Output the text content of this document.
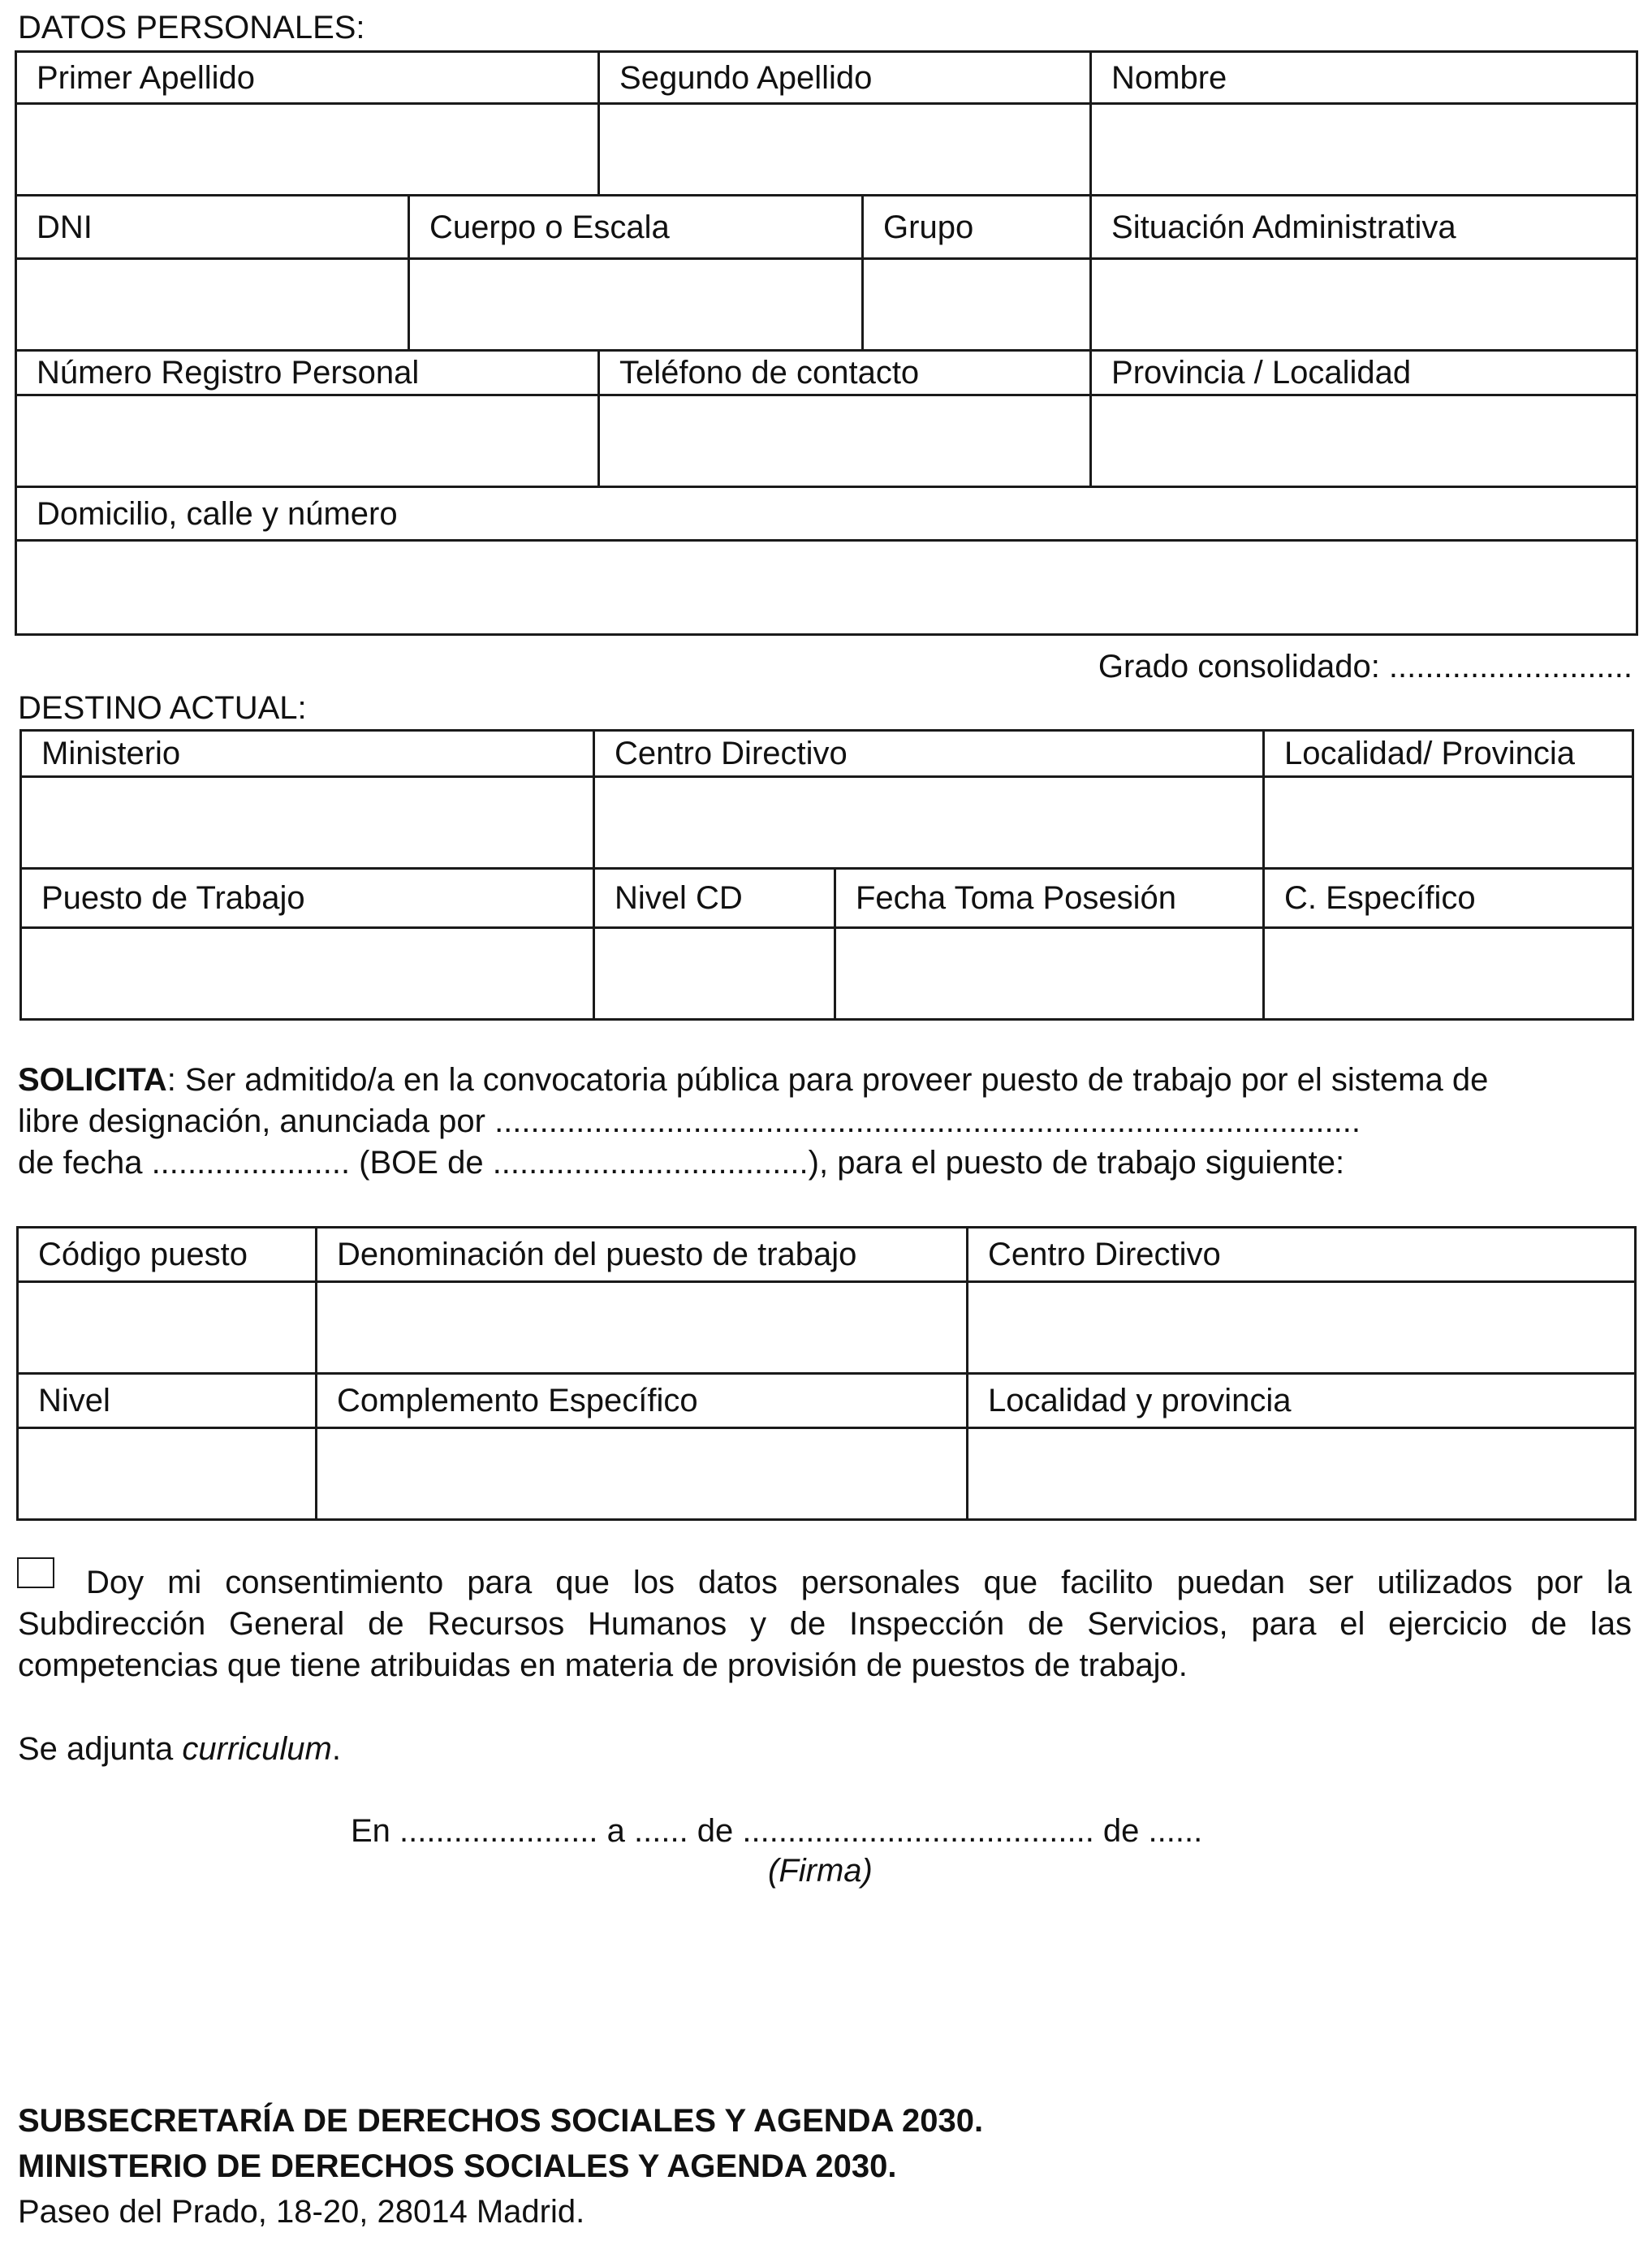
DATOS PERSONALES:
Primer Apellido		Segundo Apellido		Nombre

DNI	Cuerpo o Escala		Grupo	Situación Administrativa

Número Registro Personal		Teléfono de contacto		Provincia / Localidad

Domicilio, calle y número				

Grado consolidado: ...........................
DESTINO ACTUAL:
Ministerio	Centro Directivo		Localidad/ Provincia

Puesto de Trabajo	Nivel CD	Fecha Toma Posesión	C. Específico

SOLICITA: Ser admitido/a en la convocatoria pública para proveer puesto de trabajo por el sistema de
libre designación, anunciada por ................................................................................................
de fecha ...................... (BOE de ...................................), para el puesto de trabajo siguiente:
Código puesto	Denominación del puesto de trabajo	Centro Directivo

Nivel	Complemento Específico	Localidad y provincia

Doy mi consentimiento para que los datos personales que facilito puedan ser utilizados por la
Subdirección General de Recursos Humanos y de Inspección de Servicios, para el ejercicio de las
competencias que tiene atribuidas en materia de provisión de puestos de trabajo.
Se adjunta curriculum.
En ...................... a ...... de ....................................... de ......
(Firma)
SUBSECRETARÍA DE DERECHOS SOCIALES Y AGENDA 2030.
MINISTERIO DE DERECHOS SOCIALES Y AGENDA 2030.
Paseo del Prado, 18-20, 28014 Madrid.
